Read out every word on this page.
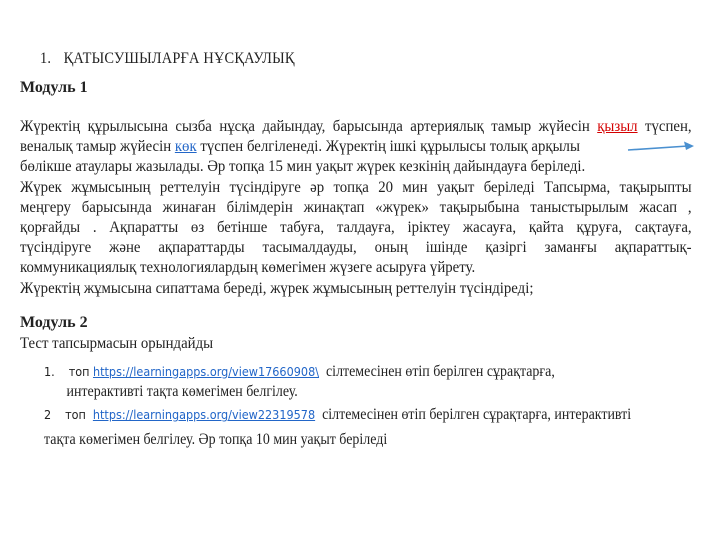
1. ҚАТЫСУШЫЛАРҒА НҰСҚАУЛЫҚ
Модуль 1
Жүректің құрылысына сызба нұсқа дайындау, барысында артериялық тамыр жүйесін қызыл түспен,
веналық тамыр жүйесін көк түспен белгіленеді. Жүректің ішкі құрылысы толық арқылы
бөлікше атаулары жазылады. Әр топқа 15 мин уақыт жүрек кезкінің дайындауға беріледі.
Жүрек жұмысының реттелуін түсіндіруге әр топқа 20 мин уақыт беріледі Тапсырма, тақырыпты
меңгеру барысында жинаған білімдерін жинақтап «жүрек» тақырыбына таныстырылым жасап ,
қорғайды . Ақпаратты өз бетінше табуға, талдауға, іріктеу жасауға, қайта құруға, сақтауға,
түсіндіруге және ақпараттарды тасымалдауды, оның ішінде қазіргі заманғы ақпараттық-
коммуникациялық технологиялардың көмегімен жүзеге асыруға үйрету.
Жүректің жұмысына сипаттама береді, жүрек жұмысының реттелуін түсіндіреді;
Модуль 2
Тест тапсырмасын орындайды
1. топ https://learningapps.org/view17660908\ сілтемесінен өтіп берілген сұрақтарға,
интерактивті тақта көмегімен белгілеу.
2 топ https://learningapps.org/view22319578 сілтемесінен өтіп берілген сұрақтарға, интерактивті
тақта көмегімен белгілеу. Әр топқа 10 мин уақыт беріледі
